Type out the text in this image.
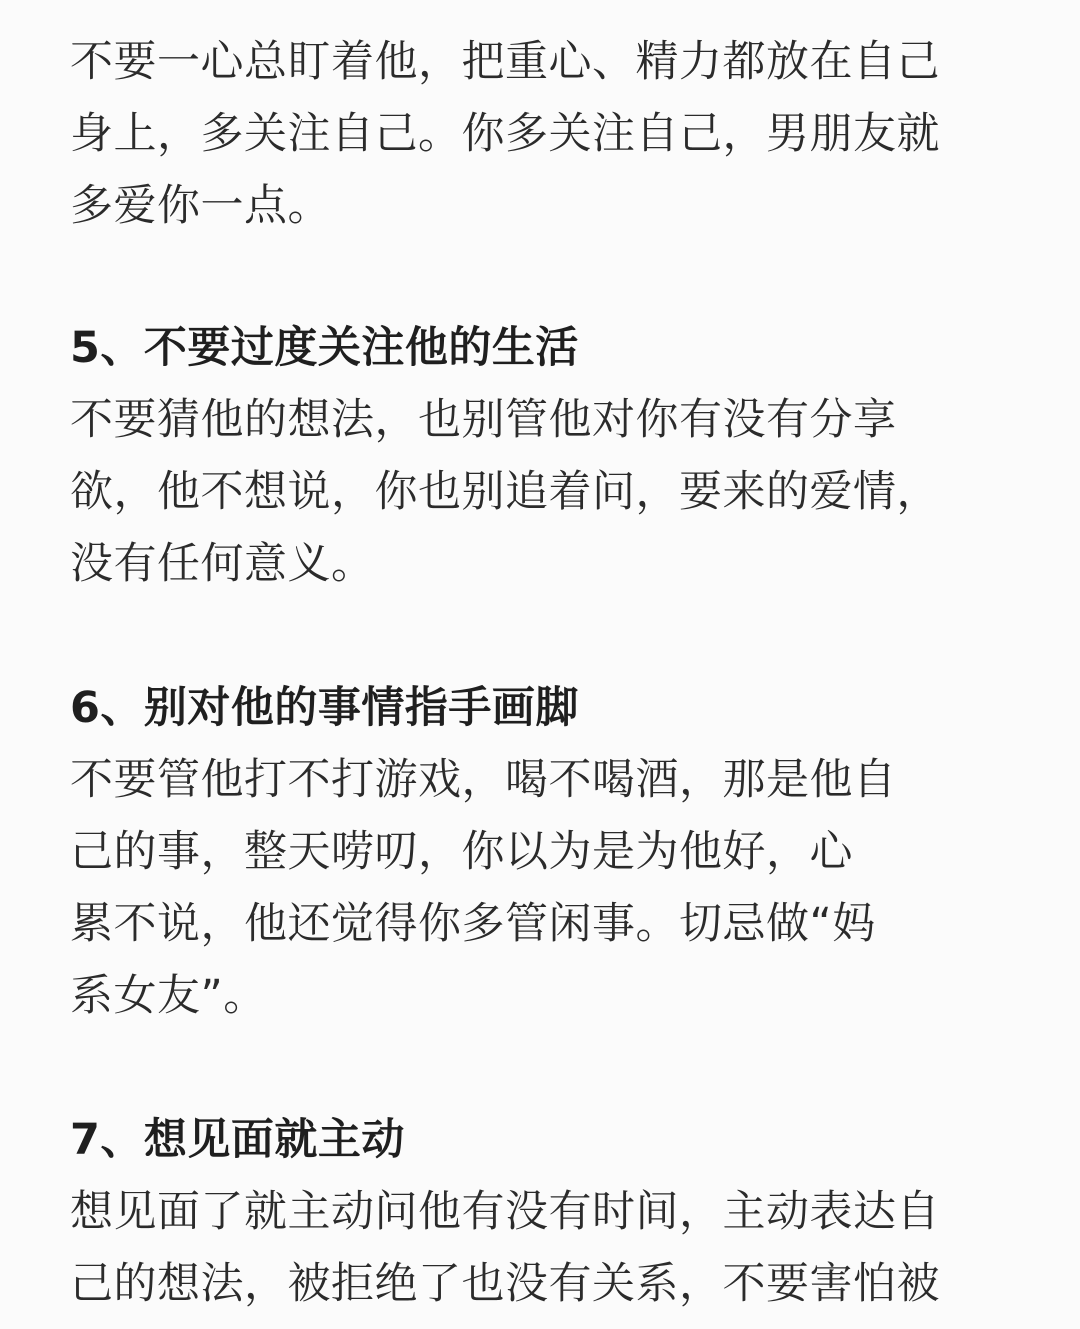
不要一心总盯着他，把重心、精力都放在自己
身上，多关注自己。你多关注自己，男朋友就
多爱你一点。
5、不要过度关注他的生活
不要猜他的想法，也别管他对你有没有分享
欲，他不想说，你也别追着问，要来的爱情，
没有任何意义。
6、别对他的事情指手画脚
不要管他打不打游戏，喝不喝酒，那是他自
己的事，整天唠叨，你以为是为他好，心
累不说，他还觉得你多管闲事。切忌做“妈
系女友”。
7、想见面就主动
想见面了就主动问他有没有时间，主动表达自
己的想法，被拒绝了也没有关系，不要害怕被
